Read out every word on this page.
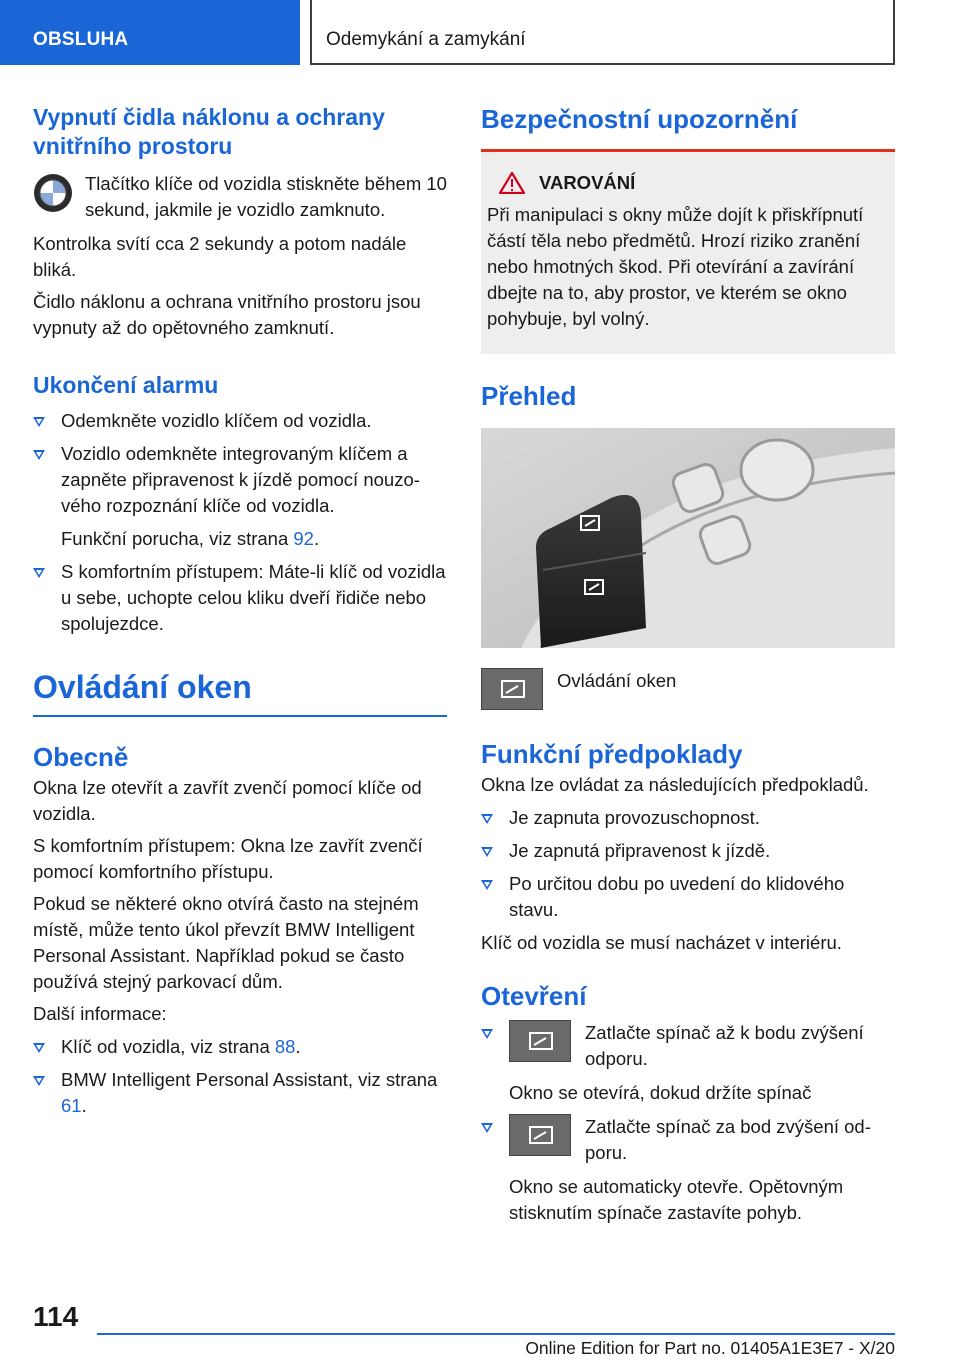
OBSLUHA	Odemykání a zamykání
Vypnutí čidla náklonu a ochrany vnitřního prostoru

Tlačítko klíče od vozidla stiskněte během 10 sekund, jakmile je vozidlo zamknuto.

Kontrolka svítí cca 2 sekundy a potom nadále bliká.

Čidlo náklonu a ochrana vnitřního prostoru jsou vypnuty až do opětovného zamknutí.

Ukončení alarmu
Odemkněte vozidlo klíčem od vozidla.
Vozidlo odemkněte integrovaným klíčem a zapněte připravenost k jízdě pomocí nouzového rozpoznání klíče od vozidla.
Funkční porucha, viz strana 92.
S komfortním přístupem: Máte-li klíč od vozidla u sebe, uchopte celou kliku dveří řidiče nebo spolujezdce.
Ovládání oken
Obecně

Okna lze otevřít a zavřít zvenčí pomocí klíče od vozidla.

S komfortním přístupem: Okna lze zavřít zvenčí pomocí komfortního přístupu.

Pokud se některé okno otvírá často na stejném místě, může tento úkol převzít BMW Intelligent Personal Assistant. Například pokud se často používá stejný parkovací dům.

Další informace:

Klíč od vozidla, viz strana 88.
BMW Intelligent Personal Assistant, viz strana 61.
Bezpečnostní upozornění
VAROVÁNÍ

Při manipulaci s okny může dojít k přiskřípnutí částí těla nebo předmětů. Hrozí riziko zranění nebo hmotných škod. Při otevírání a zavírání dbejte na to, aby prostor, ve kterém se okno pohybuje, byl volný.

Přehled

Ovládání oken

Funkční předpoklady

Okna lze ovládat za následujících předpokladů.

Je zapnuta provozuschopnost.
Je zapnutá připravenost k jízdě.
Po určitou dobu po uvedení do klidového stavu.

Klíč od vozidla se musí nacházet v interiéru.

Otevření
Zatlačte spínač až k bodu zvýšení odporu.
Okno se otevírá, dokud držíte spínač
Zatlačte spínač za bod zvýšení odporu.
Okno se automaticky otevře. Opětovným stisknutím spínače zastavíte pohyb.
114
Online Edition for Part no. 01405A1E3E7 - X/20
